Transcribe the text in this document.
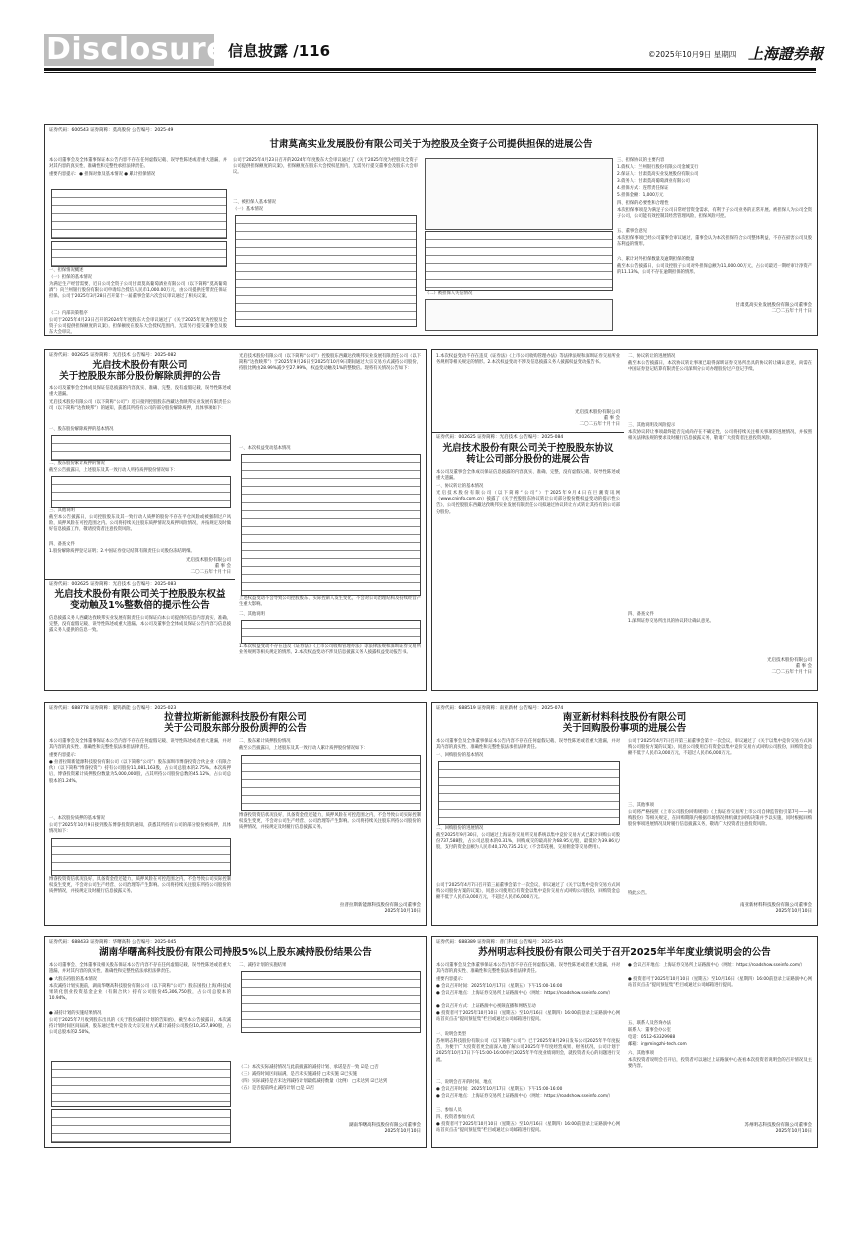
Disclosure 信息披露 /116	©2025年10月9日 星期四 上海證券報
证券代码：600543 证券简称：莫高股份 公告编号：2025-49
甘肃莫高实业发展股份有限公司关于为控股及全资子公司提供担保的进展公告
本公司董事会及全体董事保证本公告内容不存在任何虚假记载、误导性陈述或者重大遗漏，并对其内容的真实性、准确性和完整性承担法律责任。
重要内容提示：● 担保对象及基本情况 ● 累计担保情况
一、担保情况概述
（一）担保的基本情况
为满足生产经营需要，近日公司全资子公司甘肃莫高葡萄酒业有限公司（以下简称“莫高葡萄酒”）向兰州银行股份有限公司申请综合授信人民币1,000.00万元，由公司提供连带责任保证担保。公司于2025年3月28日召开第十一届董事会第六次会议审议通过了相关议案。
（二）内部决策程序
公司于2025年4月23日召开的2024年年度股东大会审议通过了《关于2025年度为控股及全资子公司提供担保额度的议案》，担保额度在股东大会授权范围内，无需另行提交董事会及股东大会审议。
公司于2025年4月23日召开的2024年年度股东大会审议通过了《关于2025年度为控股及全资子公司提供担保额度的议案》，担保额度在股东大会授权范围内，无需另行提交董事会及股东大会审议。
二、被担保人基本情况
（一）基本情况
（二）被担保人失信情况
三、担保协议的主要内容
1.债权人：兰州银行股份有限公司金城支行
2.保证人：甘肃莫高实业发展股份有限公司
3.债务人：甘肃莫高葡萄酒业有限公司
4.担保方式：连带责任保证
5.担保金额：1,000万元
四、担保的必要性和合理性
本次担保事项是为满足子公司日常经营资金需求，有利于子公司业务的正常开展。被担保人为公司全资子公司，公司能有效控制其经营管理风险，担保风险可控。
五、董事会意见
本次担保事项已经公司董事会审议通过，董事会认为本次担保符合公司整体利益，不存在损害公司及股东利益的情形。
六、累计对外担保数量及逾期担保的数量
截至本公告披露日，公司及控股子公司对外担保总额为11,000.00万元，占公司最近一期经审计净资产的11.13%。公司不存在逾期担保的情形。
甘肃莫高实业发展股份有限公司董事会
二〇二五年十月十日
证券代码：002625 证券简称：光启技术 公告编号：2025-082
光启技术股份有限公司
关于控股股东部分股份解除质押的公告
本公司及董事会全体成员保证信息披露的内容真实、准确、完整，没有虚假记载、误导性陈述或重大遗漏。
光启技术股份有限公司（以下简称“公司”）近日接到控股股东西藏达孜映邦实业发展有限责任公司（以下简称“达孜映邦”）的通知，获悉其所持有公司的部分股份解除质押，具体事项如下：
一、股东股份解除质押的基本情况
二、股东股份累计质押的情况
截至公告披露日，上述股东及其一致行动人所持质押股份情况如下：
三、其他说明
截至本公告披露日，公司控股股东及其一致行动人质押的股份不存在平仓风险或被强制过户风险，质押风险在可控范围之内。公司将持续关注股东质押情况及质押风险情况，并按规定及时做好信息披露工作，敬请投资者注意投资风险。
四、备查文件
1.股份解除质押登记证明；2.中国证券登记结算有限责任公司股份冻结明细。
光启技术股份有限公司
董 事 会
二〇二五年十月十日
证券代码：002625 证券简称：光启技术 公告编号：2025-083
光启技术股份有限公司关于控股股东权益
变动触及1%整数倍的提示性公告
信息披露义务人西藏达孜映邦实业发展有限责任公司保证向本公司提供的信息内容真实、准确、完整，没有虚假记载、误导性陈述或重大遗漏。本公司及董事会全体成员保证公告内容与信息披露义务人提供的信息一致。
光启技术股份有限公司（以下简称“公司”）控股股东西藏达孜映邦实业发展有限责任公司（以下简称“达孜映邦”）于2025年9月26日至2025年10月9日期间通过大宗交易方式减持公司股份，持股比例由28.99%减少至27.99%，权益变动触及1%的整数倍。现将有关情况公告如下：
一、本次权益变动基本情况
上述权益变动不会导致公司控股股东、实际控制人发生变化，不会对公司治理结构及持续经营产生重大影响。
二、其他说明
1.本次权益变动不存在违反《证券法》《上市公司收购管理办法》等法律法规和深圳证券交易所业务规则等相关规定的情形。2.本次权益变动不涉及信息披露义务人披露权益变动报告书。
1.本次权益变动不存在违反《证券法》《上市公司收购管理办法》等法律法规和深圳证券交易所业务规则等相关规定的情形。2.本次权益变动不涉及信息披露义务人披露权益变动报告书。
光启技术股份有限公司
董 事 会
二〇二五年十月十日
证券代码：002625 证券简称：光启技术 公告编号：2025-084
光启技术股份有限公司关于控股股东协议
转让公司部分股份的进展公告
本公司及董事会全体成员保证信息披露的内容真实、准确、完整，没有虚假记载、误导性陈述或重大遗漏。
一、协议转让的基本情况
光启技术股份有限公司（以下简称“公司”）于2025年9月4日在巨潮资讯网（www.cninfo.com.cn）披露了《关于控股股东协议转让公司部分股份暨权益变动的提示性公告》，公司控股股东西藏达孜映邦实业发展有限责任公司拟通过协议转让方式转让其持有的公司部分股份。
二、协议转让的进展情况
截至本公告披露日，本次协议转让事项已取得深圳证券交易所出具的协议转让确认意见，尚需在中国证券登记结算有限责任公司深圳分公司办理股份过户登记手续。
三、其他说明及风险提示
本次协议转让事项最终能否完成尚存在不确定性，公司将持续关注相关事项的进展情况，并按照相关法律法规的要求及时履行信息披露义务，敬请广大投资者注意投资风险。
四、备查文件
1.深圳证券交易所出具的协议转让确认意见。
光启技术股份有限公司
董 事 会
二〇二五年十月十日
证券代码：688778 证券简称：厦钨新能 公告编号：2025-023
拉普拉斯新能源科技股份有限公司
关于公司股东部分股份质押的公告
本公司董事会及全体董事保证本公告内容不存在任何虚假记载、误导性陈述或者重大遗漏，并对其内容的真实性、准确性和完整性依法承担法律责任。
重要内容提示：
● 拉普拉斯新能源科技股份有限公司（以下简称“公司”）股东深圳市博睿投资合伙企业（有限合伙）（以下简称“博睿投资”）持有公司股份11,081,163股，占公司总股本的2.75%。本次质押后，博睿投资累计质押股份数量为5,000,000股，占其所持公司股份总数的45.12%，占公司总股本的1.24%。
一、本次股份质押的基本情况
公司于2025年10月9日接到股东博睿投资的通知，获悉其所持有公司的部分股份被质押，具体情况如下：
博睿投资资信状况良好，具备资金偿还能力，质押风险在可控范围之内，不会导致公司实际控制权发生变更，不会对公司生产经营、公司治理等产生影响。公司将持续关注股东所持公司股份的质押情况，并按规定及时履行信息披露义务。
二、股东累计质押股份情况
截至公告披露日，上述股东及其一致行动人累计质押股份情况如下：
博睿投资资信状况良好，具备资金偿还能力，质押风险在可控范围之内，不会导致公司实际控制权发生变更，不会对公司生产经营、公司治理等产生影响。公司将持续关注股东所持公司股份的质押情况，并按规定及时履行信息披露义务。
拉普拉斯新能源科技股份有限公司董事会
2025年10月10日
证券代码：688519 证券简称：南亚新材 公告编号：2025-074
南亚新材料科技股份有限公司
关于回购股份事项的进展公告
本公司董事会及全体董事保证本公告内容不存在任何虚假记载、误导性陈述或者重大遗漏，并对其内容的真实性、准确性和完整性依法承担法律责任。
一、回购股份的基本情况
二、回购股份的进展情况
截至2025年9月30日，公司通过上海证券交易所交易系统以集中竞价交易方式已累计回购公司股份737,588股，占公司总股本的0.31%，回购成交的最高价为68.95元/股，最低价为39.86元/股，支付的资金总额为人民币40,170,735.21元（不含印花税、交易佣金等交易费用）。
公司于2025年4月7日召开第三届董事会第十一次会议，审议通过了《关于以集中竞价交易方式回购公司股份方案的议案》，同意公司使用自有资金以集中竞价交易方式回购公司股份，回购资金总额不低于人民币3,000万元，不超过人民币6,000万元。
公司于2025年4月7日召开第三届董事会第十一次会议，审议通过了《关于以集中竞价交易方式回购公司股份方案的议案》，同意公司使用自有资金以集中竞价交易方式回购公司股份，回购资金总额不低于人民币3,000万元，不超过人民币6,000万元。
三、其他事项
公司将严格按照《上市公司股份回购规则》《上海证券交易所上市公司自律监管指引第7号——回购股份》等相关规定，在回购期限内根据市场情况择机做出回购决策并予以实施，同时根据回购股份事项进展情况及时履行信息披露义务，敬请广大投资者注意投资风险。
特此公告。
南亚新材料科技股份有限公司董事会
2025年10月10日
证券代码：688433 证券简称：华曙高科 公告编号：2025-045
湖南华曙高科技股份有限公司持股5%以上股东减持股份结果公告
本公司董事会、全体董事及相关股东保证本公告内容不存在任何虚假记载、误导性陈述或者重大遗漏，并对其内容的真实性、准确性和完整性依法承担法律责任。
● 大股东持股的基本情况
本次减持计划实施前，湖南华曙高科技股份有限公司（以下简称“公司”）股东国投(上海)科技成果转化创业投资基金企业（有限合伙）持有公司股份45,306,750股，占公司总股本的10.94%。
● 减持计划的实施结果情况
公司于2025年7月收到股东出具的《关于股份减持计划的告知函》，截至本公告披露日，本次减持计划时间区间届满，股东通过集中竞价及大宗交易方式累计减持公司股份10,357,890股，占公司总股本的2.50%。
二、减持计划的实施结果
（二）本次实际减持情况与此前披露的减持计划、承诺是否一致 ☑是 □否
（三）减持时间区间届满，是否未实施减持 □未实施 ☑已实施
（四）实际减持是否未达到减持计划最低减持数量（比例） □未达到 ☑已达到
（五）是否提前终止减持计划 □是 ☑否
湖南华曙高科技股份有限公司董事会
2025年10月10日
证券代码：688389 证券简称：普门科技 公告编号：2025-035
苏州明志科技股份有限公司关于召开2025年半年度业绩说明会的公告
本公司董事会及全体董事保证本公告内容不存在任何虚假记载、误导性陈述或者重大遗漏，并对其内容的真实性、准确性和完整性依法承担法律责任。
重要内容提示：
● 会议召开时间：2025年10月17日（星期五）下午15:00-16:00
● 会议召开地点：上海证券交易所上证路演中心（网址：https://roadshow.sseinfo.com/）
● 会议召开方式：上证路演中心视频直播和网络互动
● 投资者可于2025年10月10日（星期五）至10月16日（星期四）16:00前登录上证路演中心网站首页点击“提问预征集”栏目或通过公司邮箱进行提问。
一、说明会类型
苏州明志科技股份有限公司（以下简称“公司”）已于2025年8月29日发布公司2025年半年度报告，为便于广大投资者更全面深入地了解公司2025年半年度经营成果、财务状况，公司计划于2025年10月17日下午15:00-16:00举行2025年半年度业绩说明会，就投资者关心的问题进行交流。
二、说明会召开的时间、地点
● 会议召开时间：2025年10月17日（星期五）下午15:00-16:00
● 会议召开地点：上海证券交易所上证路演中心（网址：https://roadshow.sseinfo.com/）
三、参加人员
四、投资者参加方式
● 投资者可于2025年10月10日（星期五）至10月16日（星期四）16:00前登录上证路演中心网站首页点击“提问预征集”栏目或通过公司邮箱进行提问。
● 会议召开地点：上海证券交易所上证路演中心（网址：https://roadshow.sseinfo.com/）
● 投资者可于2025年10月10日（星期五）至10月16日（星期四）16:00前登录上证路演中心网站首页点击“提问预征集”栏目或通过公司邮箱进行提问。
五、联系人及咨询办法
联系人：董事会办公室
电话：0512-63329988
邮箱：ir@mingzhi-tech.com
六、其他事项
本次投资者说明会召开后，投资者可以通过上证路演中心查看本次投资者说明会的召开情况及主要内容。
苏州明志科技股份有限公司董事会
2025年10月10日
